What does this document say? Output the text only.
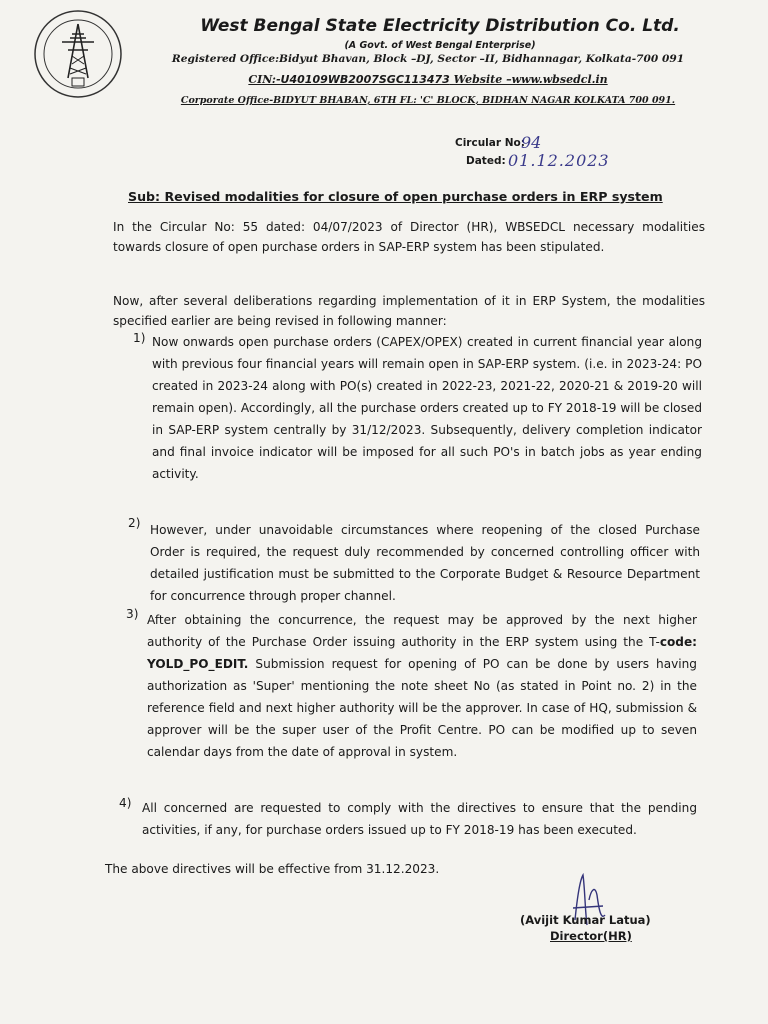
West Bengal State Electricity Distribution Co. Ltd.
(A Govt. of West Bengal Enterprise)
Registered Office:Bidyut Bhavan, Block –DJ, Sector –II, Bidhannagar, Kolkata-700 091
CIN:-U40109WB2007SGC113473 Website –www.wbsedcl.in
Corporate Office-BIDYUT BHABAN, 6TH FL: 'C' BLOCK, BIDHAN NAGAR KOLKATA 700 091.
Circular No:
94
Dated: 01.12.2023
Sub: Revised modalities for closure of open purchase orders in ERP system
In the Circular No: 55 dated: 04/07/2023 of Director (HR), WBSEDCL necessary modalities towards closure of open purchase orders in SAP-ERP system has been stipulated.
Now, after several deliberations regarding implementation of it in ERP System, the modalities specified earlier are being revised in following manner:
1) Now onwards open purchase orders (CAPEX/OPEX) created in current financial year along with previous four financial years will remain open in SAP-ERP system. (i.e. in 2023-24: PO created in 2023-24 along with PO(s) created in 2022-23, 2021-22, 2020-21 & 2019-20 will remain open). Accordingly, all the purchase orders created up to FY 2018-19 will be closed in SAP-ERP system centrally by 31/12/2023. Subsequently, delivery completion indicator and final invoice indicator will be imposed for all such PO's in batch jobs as year ending activity.
2) However, under unavoidable circumstances where reopening of the closed Purchase Order is required, the request duly recommended by concerned controlling officer with detailed justification must be submitted to the Corporate Budget & Resource Department for concurrence through proper channel.
3) After obtaining the concurrence, the request may be approved by the next higher authority of the Purchase Order issuing authority in the ERP system using the T-code: YOLD_PO_EDIT. Submission request for opening of PO can be done by users having authorization as 'Super' mentioning the note sheet No (as stated in Point no. 2) in the reference field and next higher authority will be the approver. In case of HQ, submission & approver will be the super user of the Profit Centre. PO can be modified up to seven calendar days from the date of approval in system.
4) All concerned are requested to comply with the directives to ensure that the pending activities, if any, for purchase orders issued up to FY 2018-19 has been executed.
The above directives will be effective from 31.12.2023.
(Avijit Kumar Latua)
Director(HR)
